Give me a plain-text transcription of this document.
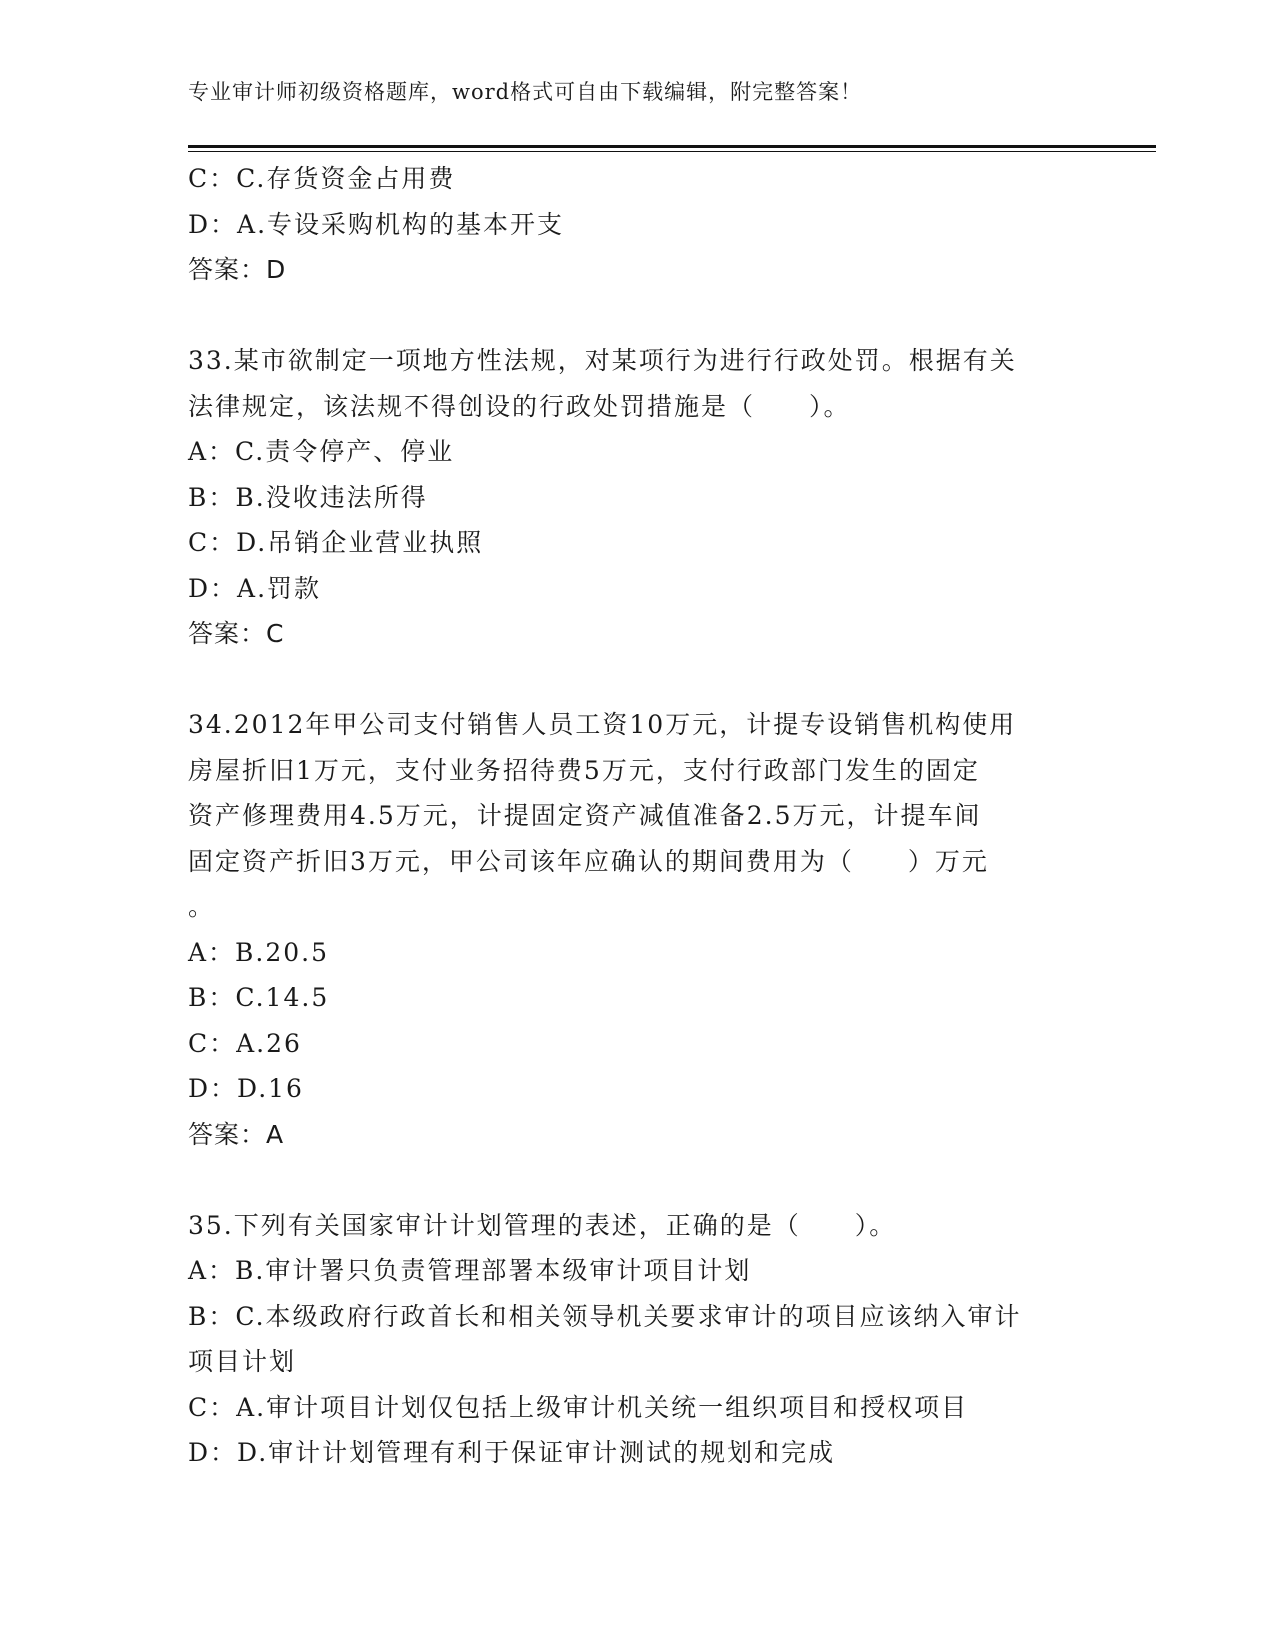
专业审计师初级资格题库，word格式可自由下载编辑，附完整答案！
C：C.存货资金占用费
D：A.专设采购机构的基本开支
答案：D
33.某市欲制定一项地方性法规，对某项行为进行行政处罚。根据有关
法律规定，该法规不得创设的行政处罚措施是（　　）。
A：C.责令停产、停业
B：B.没收违法所得
C：D.吊销企业营业执照
D：A.罚款
答案：C
34.2012年甲公司支付销售人员工资10万元，计提专设销售机构使用
房屋折旧1万元，支付业务招待费5万元，支付行政部门发生的固定
资产修理费用4.5万元，计提固定资产减值准备2.5万元，计提车间
固定资产折旧3万元，甲公司该年应确认的期间费用为（　　）万元
。
A：B.20.5
B：C.14.5
C：A.26
D：D.16
答案：A
35.下列有关国家审计计划管理的表述，正确的是（　　）。
A：B.审计署只负责管理部署本级审计项目计划
B：C.本级政府行政首长和相关领导机关要求审计的项目应该纳入审计
项目计划
C：A.审计项目计划仅包括上级审计机关统一组织项目和授权项目
D：D.审计计划管理有利于保证审计测试的规划和完成
